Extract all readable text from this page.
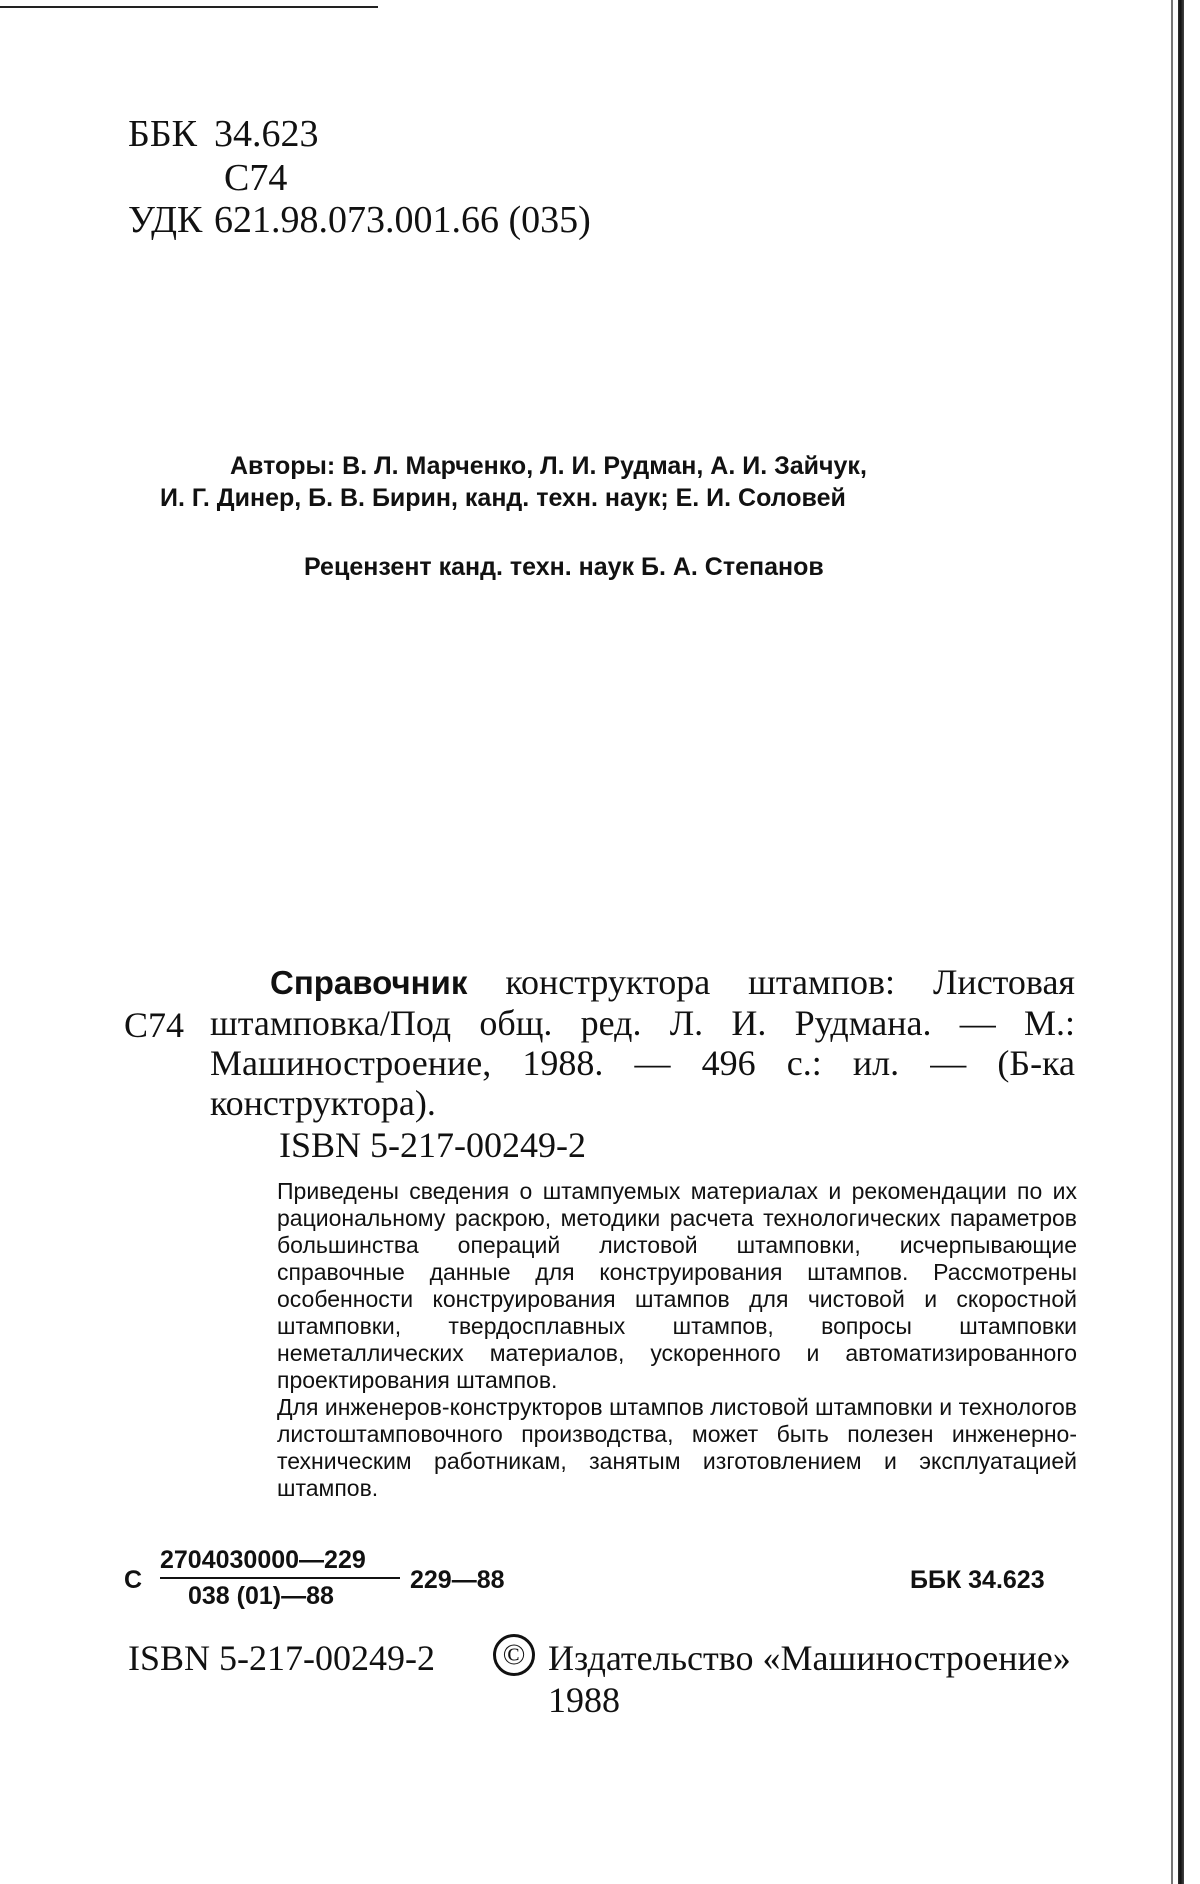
ББК 34.623
С74
УДК 621.98.073.001.66 (035)

Авторы: В. Л. Марченко, Л. И. Рудман, А. И. Зайчук,

И. Г. Динер, Б. В. Бирин, канд. техн. наук; Е. И. Соловей

Рецензент канд. техн. наук Б. А. Степанов
С74
Справочник конструктора штампов: Листовая штамповка/Под общ. ред. Л. И. Рудмана. — М.: Машиностроение, 1988. — 496 с.: ил. — (Б-ка конструктора).
ISBN 5-217-00249-2

Приведены сведения о штампуемых материалах и рекомендации по их рациональному раскрою, методики расчета технологических параметров большинства операций листовой штамповки, исчерпывающие справочные данные для конструирования штампов. Рассмотрены особенности конструирования штампов для чистовой и скоростной штамповки, твердосплавных штампов, вопросы штамповки неметаллических материалов, ускоренного и автоматизированного проектирования штампов.

Для инженеров-конструкторов штампов листовой штамповки и технологов листоштамповочного производства, может быть полезен инженерно-техническим работникам, занятым изготовлением и эксплуатацией штампов.

С
2704030000—229
038 (01)—88
229—88	ББК 34.623
ISBN 5-217-00249-2	© Издательство «Машиностроение»
1988
